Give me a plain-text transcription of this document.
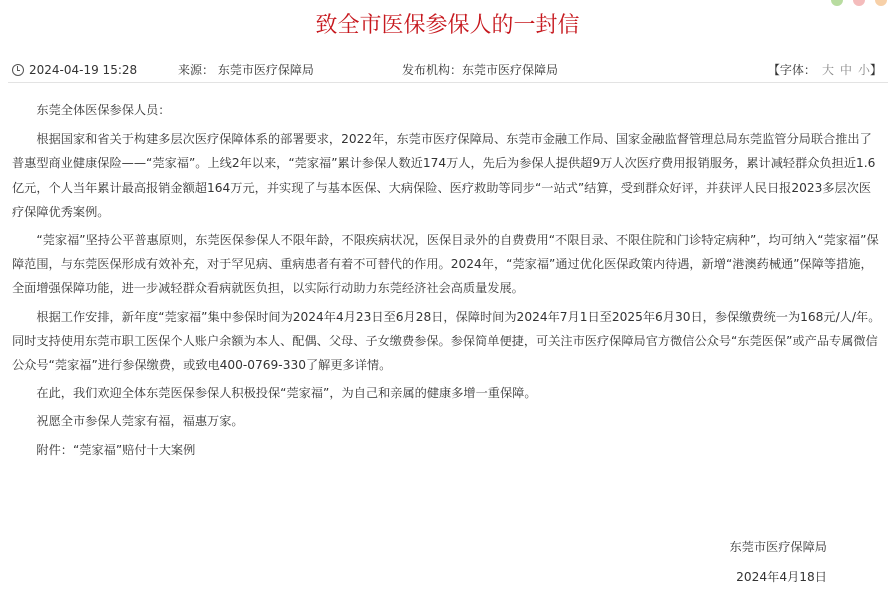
致全市医保参保人的一封信
2024-04-19 15:28	来源： 东莞市医疗保障局	发布机构：东莞市医疗保障局	【字体： 大 中 小】

东莞全体医保参保人员：

根据国家和省关于构建多层次医疗保障体系的部署要求，2022年，东莞市医疗保障局、东莞市金融工作局、国家金融监督管理总局东莞监管分局联合推出了普惠型商业健康保险——“莞家福”。上线2年以来，“莞家福”累计参保人数近174万人，先后为参保人提供超9万人次医疗费用报销服务，累计减轻群众负担近1.6亿元，个人当年累计最高报销金额超164万元，并实现了与基本医保、大病保险、医疗救助等同步“一站式”结算，受到群众好评，并获评人民日报2023多层次医疗保障优秀案例。

“莞家福”坚持公平普惠原则，东莞医保参保人不限年龄，不限疾病状况，医保目录外的自费费用“不限目录、不限住院和门诊特定病种”，均可纳入“莞家福”保障范围，与东莞医保形成有效补充，对于罕见病、重病患者有着不可替代的作用。2024年，“莞家福”通过优化医保政策内待遇，新增“港澳药械通”保障等措施，全面增强保障功能，进一步减轻群众看病就医负担，以实际行动助力东莞经济社会高质量发展。

根据工作安排，新年度“莞家福”集中参保时间为2024年4月23日至6月28日，保障时间为2024年7月1日至2025年6月30日，参保缴费统一为168元/人/年。同时支持使用东莞市职工医保个人账户余额为本人、配偶、父母、子女缴费参保。参保简单便捷，可关注市医疗保障局官方微信公众号“东莞医保”或产品专属微信公众号“莞家福”进行参保缴费，或致电400-0769-330了解更多详情。

在此，我们欢迎全体东莞医保参保人积极投保“莞家福”，为自己和亲属的健康多增一重保障。

祝愿全市参保人莞家有福，福惠万家。

附件：“莞家福”赔付十大案例

东莞市医疗保障局
2024年4月18日
